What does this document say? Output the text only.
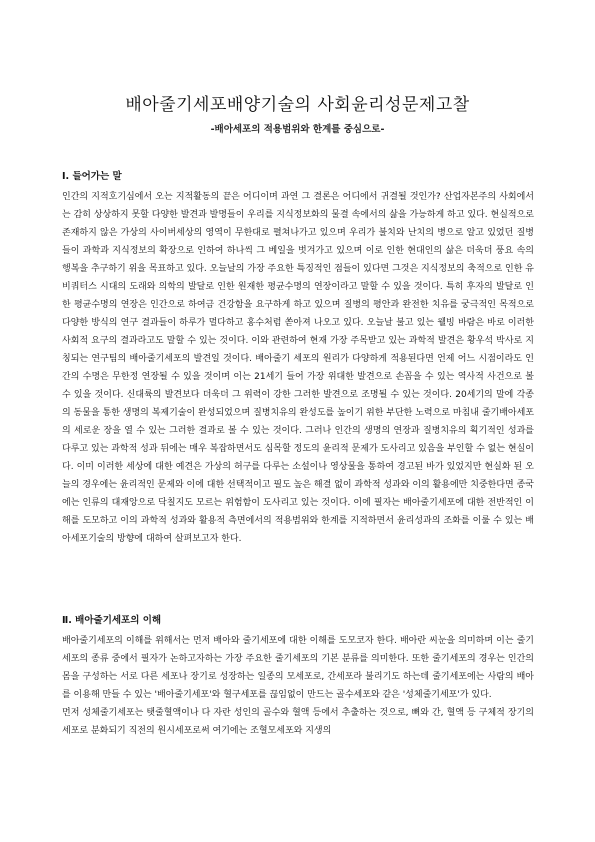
배아줄기세포배양기술의 사회윤리성문제고찰
-배아세포의 적용범위와 한계를 중심으로-
Ⅰ. 들어가는 말

인간의 지적호기심에서 오는 지적활동의 끝은 어디이며 과연 그 결론은 어디에서 귀결될 것인가? 산업자본주의 사회에서는 감히 상상하지 못할 다양한 발견과 발명들이 우리를 지식정보화의 물결 속에서의 삶을 가능하게 하고 있다. 현실적으로 존재하지 않은 가상의 사이버세상의 영역이 무한대로 펼쳐나가고 있으며 우리가 불치와 난치의 병으로 알고 있었던 질병들이 과학과 지식정보의 확장으로 인하여 하나씩 그 베일을 벗겨가고 있으며 이로 인한 현대인의 삶은 더욱더 풍요 속의 행복을 추구하기 위을 목표하고 있다. 오늘날의 가장 주요한 특징적인 점들이 있다면 그것은 지식정보의 축적으로 인한 유비쿼터스 시대의 도래와 의학의 발달로 인한 원재한 평균수명의 연장이라고 말할 수 있을 것이다. 특히 후자의 발달로 인한 평균수명의 연장은 인간으로 하여금 건강함을 요구하게 하고 있으며 질병의 평안과 완전한 치유를 궁극적인 목적으로 다양한 방식의 연구 결과들이 하루가 멀다하고 홍수처럼 쏟아져 나오고 있다. 오늘날 불고 있는 웰빙 바람은 바로 이러한 사회적 요구의 결과라고도 말할 수 있는 것이다. 이와 관련하여 현재 가장 주목받고 있는 과학적 발견은 황우석 박사로 지칭되는 연구팀의 배아줄기세포의 발견일 것이다. 배아줄기 세포의 원리가 다양하게 적용된다면 언제 어느 시점이라도 인간의 수명은 무한정 연장될 수 있을 것이며 이는 21세기 들어 가장 위대한 발견으로 손꼽을 수 있는 역사적 사건으로 볼 수 있을 것이다. 신대륙의 발견보다 더욱더 그 위력이 강한 그러한 발견으로 조명될 수 있는 것이다. 20세기의 말에 각종의 동물을 통한 생명의 복제기술이 완성되었으며 질병치유의 완성도를 높이기 위한 부단한 노력으로 마침내 줄기배아세포의 세로운 장을 열 수 있는 그러한 결과로 볼 수 있는 것이다. 그러나 인간의 생명의 연장과 질병치유의 획기적인 성과를 다루고 있는 과학적 성과 뒤에는 매우 복잡하면서도 심목할 정도의 윤리적 문제가 도사리고 있음을 부인할 수 없는 현실이다. 이미 이러한 세상에 대한 예견은 가상의 허구를 다루는 소설이나 영상물을 통하여 경고된 바가 있었지만 현실화 된 오늘의 경우에는 윤리적인 문제와 이에 대한 선택적이고 필도 높은 해결 없이 과학적 성과와 이의 활용에만 치중한다면 종국에는 인류의 대재앙으로 닥칠지도 모르는 위험함이 도사리고 있는 것이다. 이에 필자는 배아줄기세포에 대한 전반적인 이해를 도모하고 이의 과학적 성과와 활용적 측면에서의 적용범위와 한계를 지적하면서 윤리성과의 조화를 이룰 수 있는 배아세포기술의 방향에 대하여 살펴보고자 한다.

Ⅱ. 배아줄기세포의 이해

배아줄기세포의 이해를 위해서는 먼저 배아와 줄기세포에 대한 이해를 도모코자 한다. 배아란 씨눈을 의미하며 이는 줄기세포의 종류 중에서 필자가 논하고자하는 가장 주요한 줄기세포의 기본 분류를 의미한다. 또한 줄기세포의 경우는 인간의 몸을 구성하는 서로 다른 세포나 장기로 성장하는 일종의 모세포로, 간세포라 불리기도 하는데 줄기세포에는 사람의 배아를 이용해 만들 수 있는 '배아줄기세포'와 혈구세포를 끊임없이 만드는 골수세포와 같은 '성체줄기세포'가 있다.

먼저 성체줄기세포는 탯줄혈액이나 다 자란 성인의 골수와 혈액 등에서 추출하는 것으로, 뼈와 간, 혈액 등 구체적 장기의 세포로 분화되기 직전의 원시세포로써 여기에는 조혈모세포와 지생의
